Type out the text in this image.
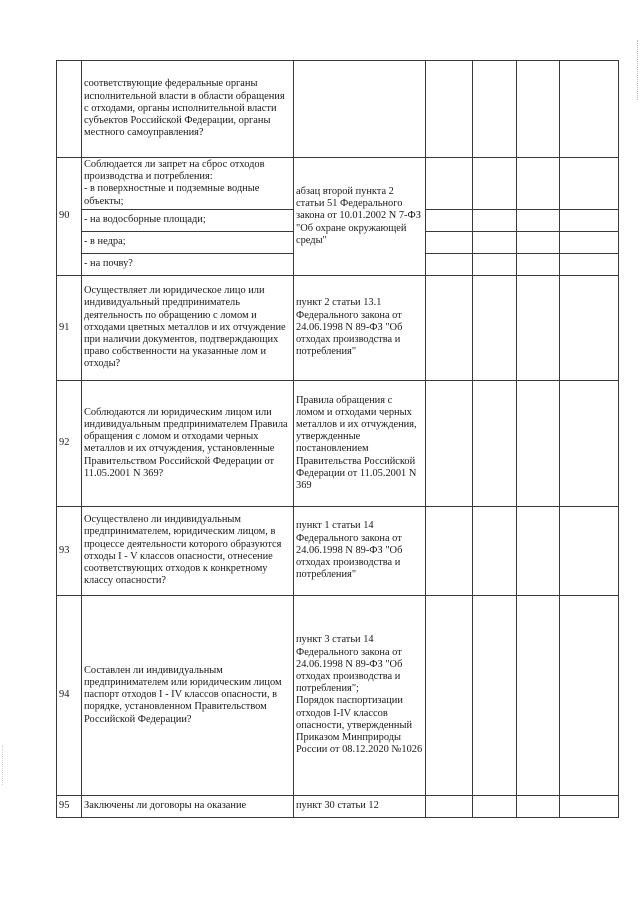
	соответствующие федеральные органы исполнительной власти в области обращения с отходами, органы исполнительной власти субъектов Российской Федерации, органы местного самоуправления?					
90	Соблюдается ли запрет на сброс отходов производства и потребления:
- в поверхностные и подземные водные объекты;	абзац второй пункта 2 статьи 51 Федерального закона от 10.01.2002 N 7-ФЗ "Об охране окружающей среды"				
	- на водосборные площади;					
	- в недра;					
	- на почву?					
91	Осуществляет ли юридическое лицо или индивидуальный предприниматель деятельность по обращению с ломом и отходами цветных металлов и их отчуждение при наличии документов, подтверждающих право собственности на указанные лом и отходы?	пункт 2 статьи 13.1 Федерального закона от 24.06.1998 N 89-ФЗ "Об отходах производства и потребления"				
92	Соблюдаются ли юридическим лицом или индивидуальным предпринимателем Правила обращения с ломом и отходами черных металлов и их отчуждения, установленные Правительством Российской Федерации от 11.05.2001 N 369?	Правила обращения с ломом и отходами черных металлов и их отчуждения, утвержденные постановлением Правительства Российской Федерации от 11.05.2001 N 369				
93	Осуществлено ли индивидуальным предпринимателем, юридическим лицом, в процессе деятельности которого образуются отходы I - V классов опасности, отнесение соответствующих отходов к конкретному классу опасности?	пункт 1 статьи 14 Федерального закона от 24.06.1998 N 89-ФЗ "Об отходах производства и потребления"				
94	Составлен ли индивидуальным предпринимателем или юридическим лицом паспорт отходов I - IV классов опасности, в порядке, установленном Правительством Российской Федерации?	пункт 3 статьи 14 Федерального закона от 24.06.1998 N 89-ФЗ "Об отходах производства и потребления";
Порядок паспортизации отходов I-IV классов опасности, утвержденный Приказом Минприроды России от 08.12.2020 №1026				
95	Заключены ли договоры на оказание	пункт 30 статьи 12				
